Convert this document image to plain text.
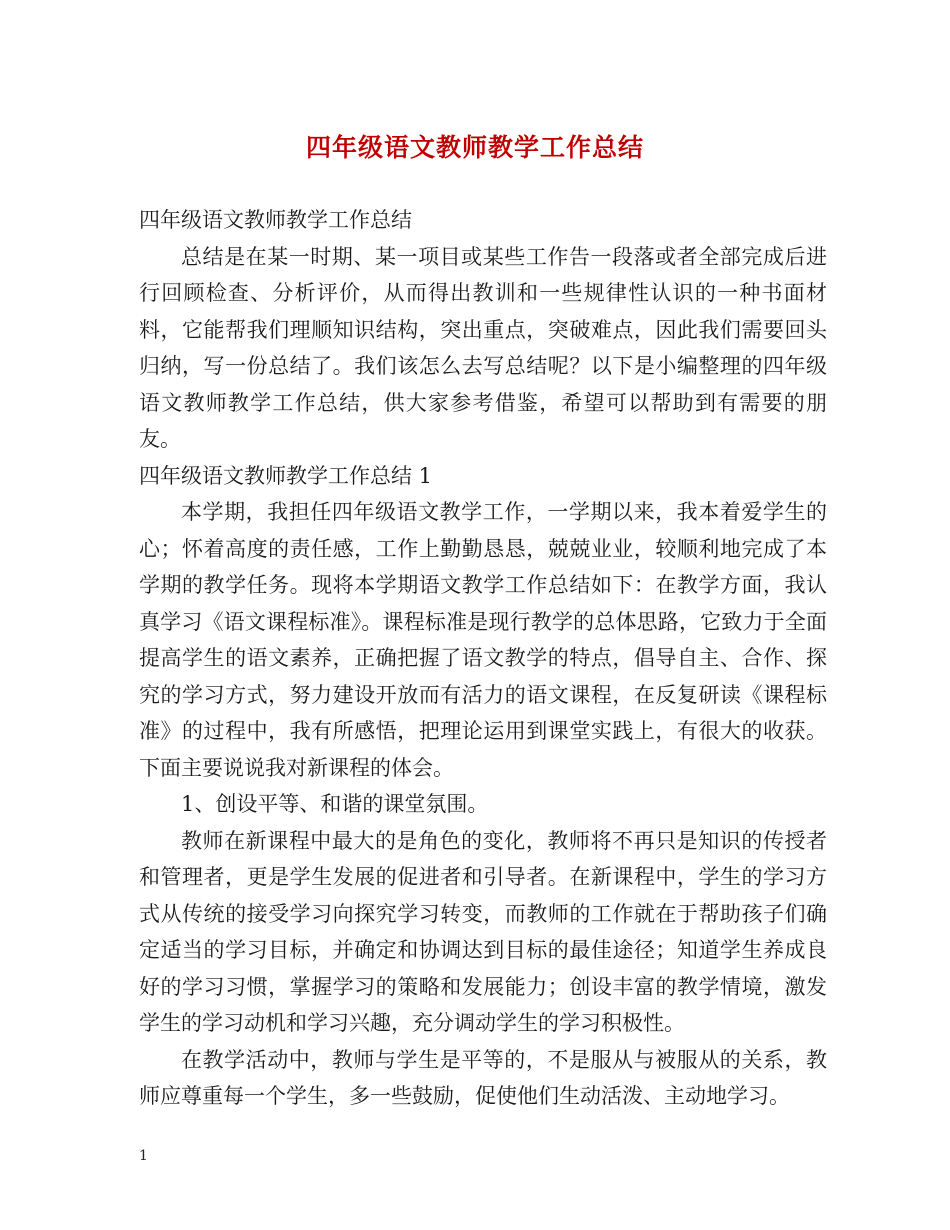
四年级语文教师教学工作总结

四年级语文教师教学工作总结

总结是在某一时期、某一项目或某些工作告一段落或者全部完成后进行回顾检查、分析评价，从而得出教训和一些规律性认识的一种书面材料，它能帮我们理顺知识结构，突出重点，突破难点，因此我们需要回头归纳，写一份总结了。我们该怎么去写总结呢？以下是小编整理的四年级语文教师教学工作总结，供大家参考借鉴，希望可以帮助到有需要的朋友。

四年级语文教师教学工作总结 1

本学期，我担任四年级语文教学工作，一学期以来，我本着爱学生的心；怀着高度的责任感，工作上勤勤恳恳，兢兢业业，较顺利地完成了本学期的教学任务。现将本学期语文教学工作总结如下：在教学方面，我认真学习《语文课程标准》。课程标准是现行教学的总体思路，它致力于全面提高学生的语文素养，正确把握了语文教学的特点，倡导自主、合作、探究的学习方式，努力建设开放而有活力的语文课程，在反复研读《课程标准》的过程中，我有所感悟，把理论运用到课堂实践上，有很大的收获。下面主要说说我对新课程的体会。

1、创设平等、和谐的课堂氛围。

教师在新课程中最大的是角色的变化，教师将不再只是知识的传授者和管理者，更是学生发展的促进者和引导者。在新课程中，学生的学习方式从传统的接受学习向探究学习转变，而教师的工作就在于帮助孩子们确定适当的学习目标，并确定和协调达到目标的最佳途径；知道学生养成良好的学习习惯，掌握学习的策略和发展能力；创设丰富的教学情境，激发学生的学习动机和学习兴趣，充分调动学生的学习积极性。

在教学活动中，教师与学生是平等的，不是服从与被服从的关系，教师应尊重每一个学生，多一些鼓励，促使他们生动活泼、主动地学习。

1
